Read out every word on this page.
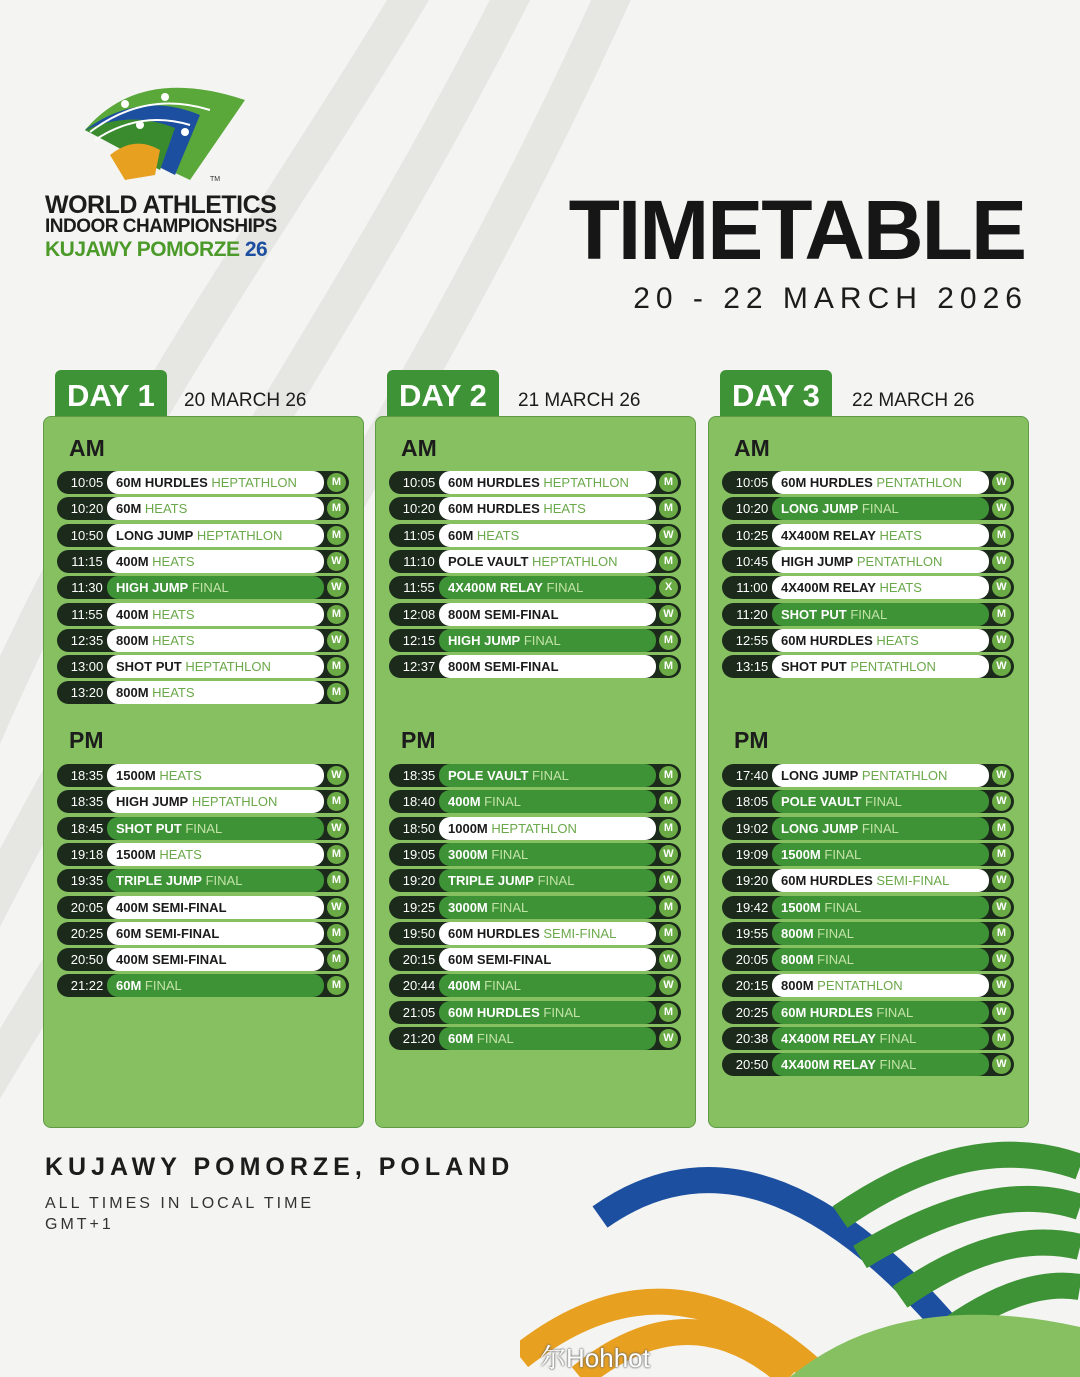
TM
WORLD ATHLETICS
INDOOR CHAMPIONSHIPS
KUJAWY POMORZE 26	TIMETABLE
20 - 22 MARCH 2026
DAY 1	20 MARCH 26
AM
10:05 60M HURDLES HEPTATHLON	M
10:20 60M HEATS	M
10:50 LONG JUMP HEPTATHLON	M
11:15	400M HEATS	W
11:30	HIGH JUMP FINAL	W
11:55	400M HEATS	M
12:35 800M HEATS	W
13:00 SHOT PUT HEPTATHLON	M
13:20 800M HEATS	M
PM
18:35 1500M HEATS	W
18:35 HIGH JUMP HEPTATHLON	M
18:45 SHOT PUT FINAL	W
19:18 1500M HEATS	M
19:35 TRIPLE JUMP FINAL	M
20:05 400M SEMI-FINAL	W
20:25 60M SEMI-FINAL	M
20:50 400M SEMI-FINAL	M
21:22 60M FINAL	M
DAY 2	21 MARCH 26
AM
10:05 60M HURDLES HEPTATHLON	M
10:20 60M HURDLES HEATS	M
11:05	60M HEATS	W
11:10	POLE VAULT HEPTATHLON	M
11:55	4X400M RELAY FINAL	X
12:08 800M SEMI-FINAL	W
12:15 HIGH JUMP FINAL	M
12:37 800M SEMI-FINAL	M
PM
18:35 POLE VAULT FINAL	M
18:40 400M FINAL	M
18:50 1000M HEPTATHLON	M
19:05 3000M FINAL	W
19:20 TRIPLE JUMP FINAL	W
19:25 3000M FINAL	M
19:50 60M HURDLES SEMI-FINAL	M
20:15 60M SEMI-FINAL	W
20:44 400M FINAL	W
21:05 60M HURDLES FINAL	M
21:20 60M FINAL	W
DAY 3	22 MARCH 26
AM
10:05 60M HURDLES PENTATHLON	W
10:20 LONG JUMP FINAL	W
10:25 4X400M RELAY HEATS	M
10:45 HIGH JUMP PENTATHLON	W
11:00	4X400M RELAY HEATS	W
11:20	SHOT PUT FINAL	M
12:55 60M HURDLES HEATS	W
13:15 SHOT PUT PENTATHLON	W
PM
17:40 LONG JUMP PENTATHLON	W
18:05 POLE VAULT FINAL	W
19:02 LONG JUMP FINAL	M
19:09 1500M FINAL	M
19:20 60M HURDLES SEMI-FINAL	W
19:42 1500M FINAL	W
19:55 800M FINAL	M
20:05 800M FINAL	W
20:15 800M PENTATHLON	W
20:25 60M HURDLES FINAL	W
20:38 4X400M RELAY FINAL	M
20:50 4X400M RELAY FINAL	W
KUJAWY POMORZE, POLAND
ALL TIMES IN LOCAL TIME
GMT+1
尔Hohhot
